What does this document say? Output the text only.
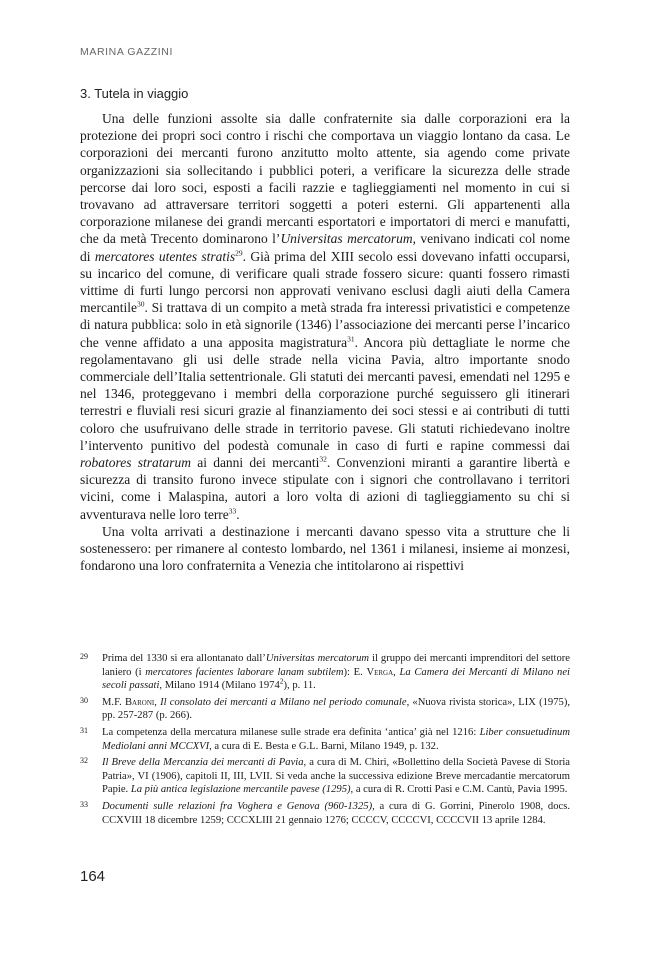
MARINA GAZZINI
3. Tutela in viaggio

Una delle funzioni assolte sia dalle confraternite sia dalle corporazioni era la protezione dei propri soci contro i rischi che comportava un viaggio lontano da casa. Le corporazioni dei mercanti furono anzitutto molto attente, sia agendo come private organizzazioni sia sollecitando i pubblici poteri, a verificare la sicurezza delle strade percorse dai loro soci, esposti a facili razzie e taglieggiamenti nel momento in cui si trovavano ad attraversare territori soggetti a poteri esterni. Gli appartenenti alla corporazione milanese dei grandi mercanti esportatori e importatori di merci e manufatti, che da metà Trecento dominarono l’Universitas mercatorum, venivano indicati col nome di mercatores utentes stratis$^{29}$. Già prima del XIII secolo essi dovevano infatti occuparsi, su incarico del comune, di verificare quali strade fossero sicure: quanti fossero rimasti vittime di furti lungo percorsi non approvati venivano esclusi dagli aiuti della Camera mercantile$^{30}$. Si trattava di un compito a metà strada fra interessi privatistici e competenze di natura pubblica: solo in età signorile (1346) l’associazione dei mercanti perse l’incarico che venne affidato a una apposita magistratura$^{31}$. Ancora più dettagliate le norme che regolamentavano gli usi delle strade nella vicina Pavia, altro importante snodo commerciale dell’Italia settentrionale. Gli statuti dei mercanti pavesi, emendati nel 1295 e nel 1346, proteggevano i membri della corporazione purché seguissero gli itinerari terrestri e fluviali resi sicuri grazie al finanziamento dei soci stessi e ai contributi di tutti coloro che usufruivano delle strade in territorio pavese. Gli statuti richiedevano inoltre l’intervento punitivo del podestà comunale in caso di furti e rapine commessi dai robatores stratarum ai danni dei mercanti$^{32}$. Convenzioni miranti a garantire libertà e sicurezza di transito furono invece stipulate con i signori che controllavano i territori vicini, come i Malaspina, autori a loro volta di azioni di taglieggiamento su chi si avventurava nelle loro terre$^{33}$.

Una volta arrivati a destinazione i mercanti davano spesso vita a strutture che li sostenessero: per rimanere al contesto lombardo, nel 1361 i milanesi, insieme ai monzesi, fondarono una loro confraternita a Venezia che intitolarono ai rispettivi

29 Prima del 1330 si era allontanato dall’Universitas mercatorum il gruppo dei mercanti imprenditori del settore laniero (i mercatores facientes laborare lanam subtilem): E. Verga, La Camera dei Mercanti di Milano nei secoli passati, Milano 1914 (Milano 1974$^2$), p. 11.
30 M.F. Baroni, Il consolato dei mercanti a Milano nel periodo comunale, «Nuova rivista storica», LIX (1975), pp. 257-287 (p. 266).
31 La competenza della mercatura milanese sulle strade era definita ‘antica’ già nel 1216: Liber consuetudinum Mediolani anni MCCXVI, a cura di E. Besta e G.L. Barni, Milano 1949, p. 132.
32 Il Breve della Mercanzia dei mercanti di Pavia, a cura di M. Chiri, «Bollettino della Società Pavese di Storia Patria», VI (1906), capitoli II, III, LVII. Si veda anche la successiva edizione Breve mercadantie mercatorum Papie. La più antica legislazione mercantile pavese (1295), a cura di R. Crotti Pasi e C.M. Cantù, Pavia 1995.
33 Documenti sulle relazioni fra Voghera e Genova (960-1325), a cura di G. Gorrini, Pinerolo 1908, docs. CCXVIII 18 dicembre 1259; CCCXLIII 21 gennaio 1276; CCCCV, CCCCVI, CCCCVII 13 aprile 1284.
164
